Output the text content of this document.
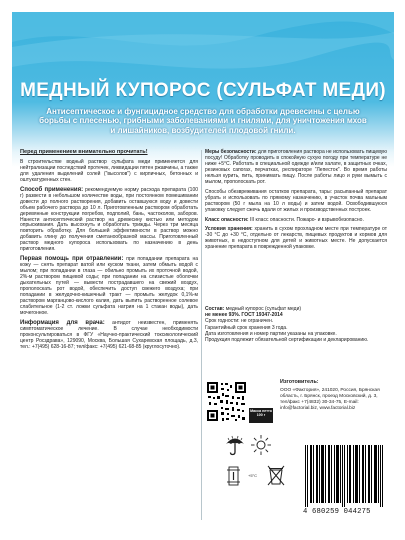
МЕДНЫЙ КУПОРОС (СУЛЬФАТ МЕДИ)
Антисептическое и фунгицидное средство для обработки древесины с целью борьбы с плесенью, грибными заболеваниями и гнилями, для уничтожения мхов и лишайников, возбудителей плодовой гнили.

Перед применением внимательно прочитать!

В строительстве водный раствор сульфата меди применяется для нейтрализации последствий протечек, ликвидации пятен ржавчины, а также для удаления выделений солей ("высолов") с кирпичных, бетонных и оштукатуренных стен.

Способ применения: рекомендуемую норму расхода препарата (100 г) развести в небольшом количестве воды, при постоянном помешивании довести до полного растворения, добавить оставшуюся воду и довести объем рабочего раствора до 10 л. Приготовленным раствором обработать деревянные конструкции погребов, подполий, бань, частоколов, заборов. Нанести антисептический раствор на древесину кистью или методом опрыскивания. Дать высохнуть и обработать трижды. Через три месяца повторить обработку. Для большей эффективности в раствор можно добавить глину до получения сметанообразной массы. Приготовленный раствор медного купороса использовать по назначению в день приготовления.

Первая помощь при отравлении: при попадании препарата на кожу — снять препарат ватой или куском ткани, затем обмыть водой с мылом; при попадании в глаза — обильно промыть их проточной водой, 2%-м раствором пищевой соды; при попадании на слизистые оболочки дыхательных путей — вывести пострадавшего на свежий воздух, прополоскать рот водой, обеспечить доступ свежего воздуха; при попадании в желудочно-кишечный тракт — промыть желудок 0,1%-м раствором марганцово-кислого калия, дать выпить растворенное солевое слабительное (1-2 ст. ложки сульфата натрия на 1 стакан воды), дать мочегонное.

Информация для врача: антидот неизвестен, применять симптоматическое лечение. В случае необходимости проконсультироваться в ФГУ «Научно-практический токсикологический центр Росздрава», 129090, Москва, Большая Сухаревская площадь, д.3, тел.: +7(495) 628-16-87; тел/факс: +7(495) 621-68-85 (круглосуточно).

Меры безопасности: для приготовления раствора не использовать пищевую посуду! Обработку проводить в спокойную сухую погоду при температуре не ниже +5°С. Работать в специальной одежде и/или халате, в защитных очках, резиновых сапогах, перчатках, респираторе "Лепесток". Во время работы нельзя курить, пить, принимать пищу. После работы лицо и руки вымыть с мылом, прополоскать рот.

Способы обезвреживания остатков препарата, тары: расыпанный препарат убрать и использовать по прямому назначению, в участок почва мальным раствором (50 г мыла на 10 л воды) и затем водой. Освободившуюся упаковку следует сжечь вдали от жилых и производственных построек.

Класс опасности: III класс опасности. Пожаро- и взрывобезопасно.

Условия хранения: хранить в сухом прохладном месте при температуре от -30 °С до +30 °С, отдельно от лекарств, пищевых продуктов и кормов для животных, в недоступном для детей и животных месте. Не допускается хранение препарата в поврежденной упаковке.

Состав: медный купорос (сульфат меди)
не менее 93%. ГОСТ 19347-2014
Срок годности: не ограничен.
Гарантийный срок хранения 3 года.
Дата изготовления и номер партии указаны на упаковке.
Продукция подлежит обязательной сертификации и декларированию.
Масса нетто 100 г
Изготовитель:
ООО «Фактория», 241020, Россия, Брянская область, г. Брянск, проезд Московский, д. 3, тел/факс +7(4832) 30-34-75, E-mail: info@factorial.biz, www.factorial.biz
+5°C
4 680259 044275
